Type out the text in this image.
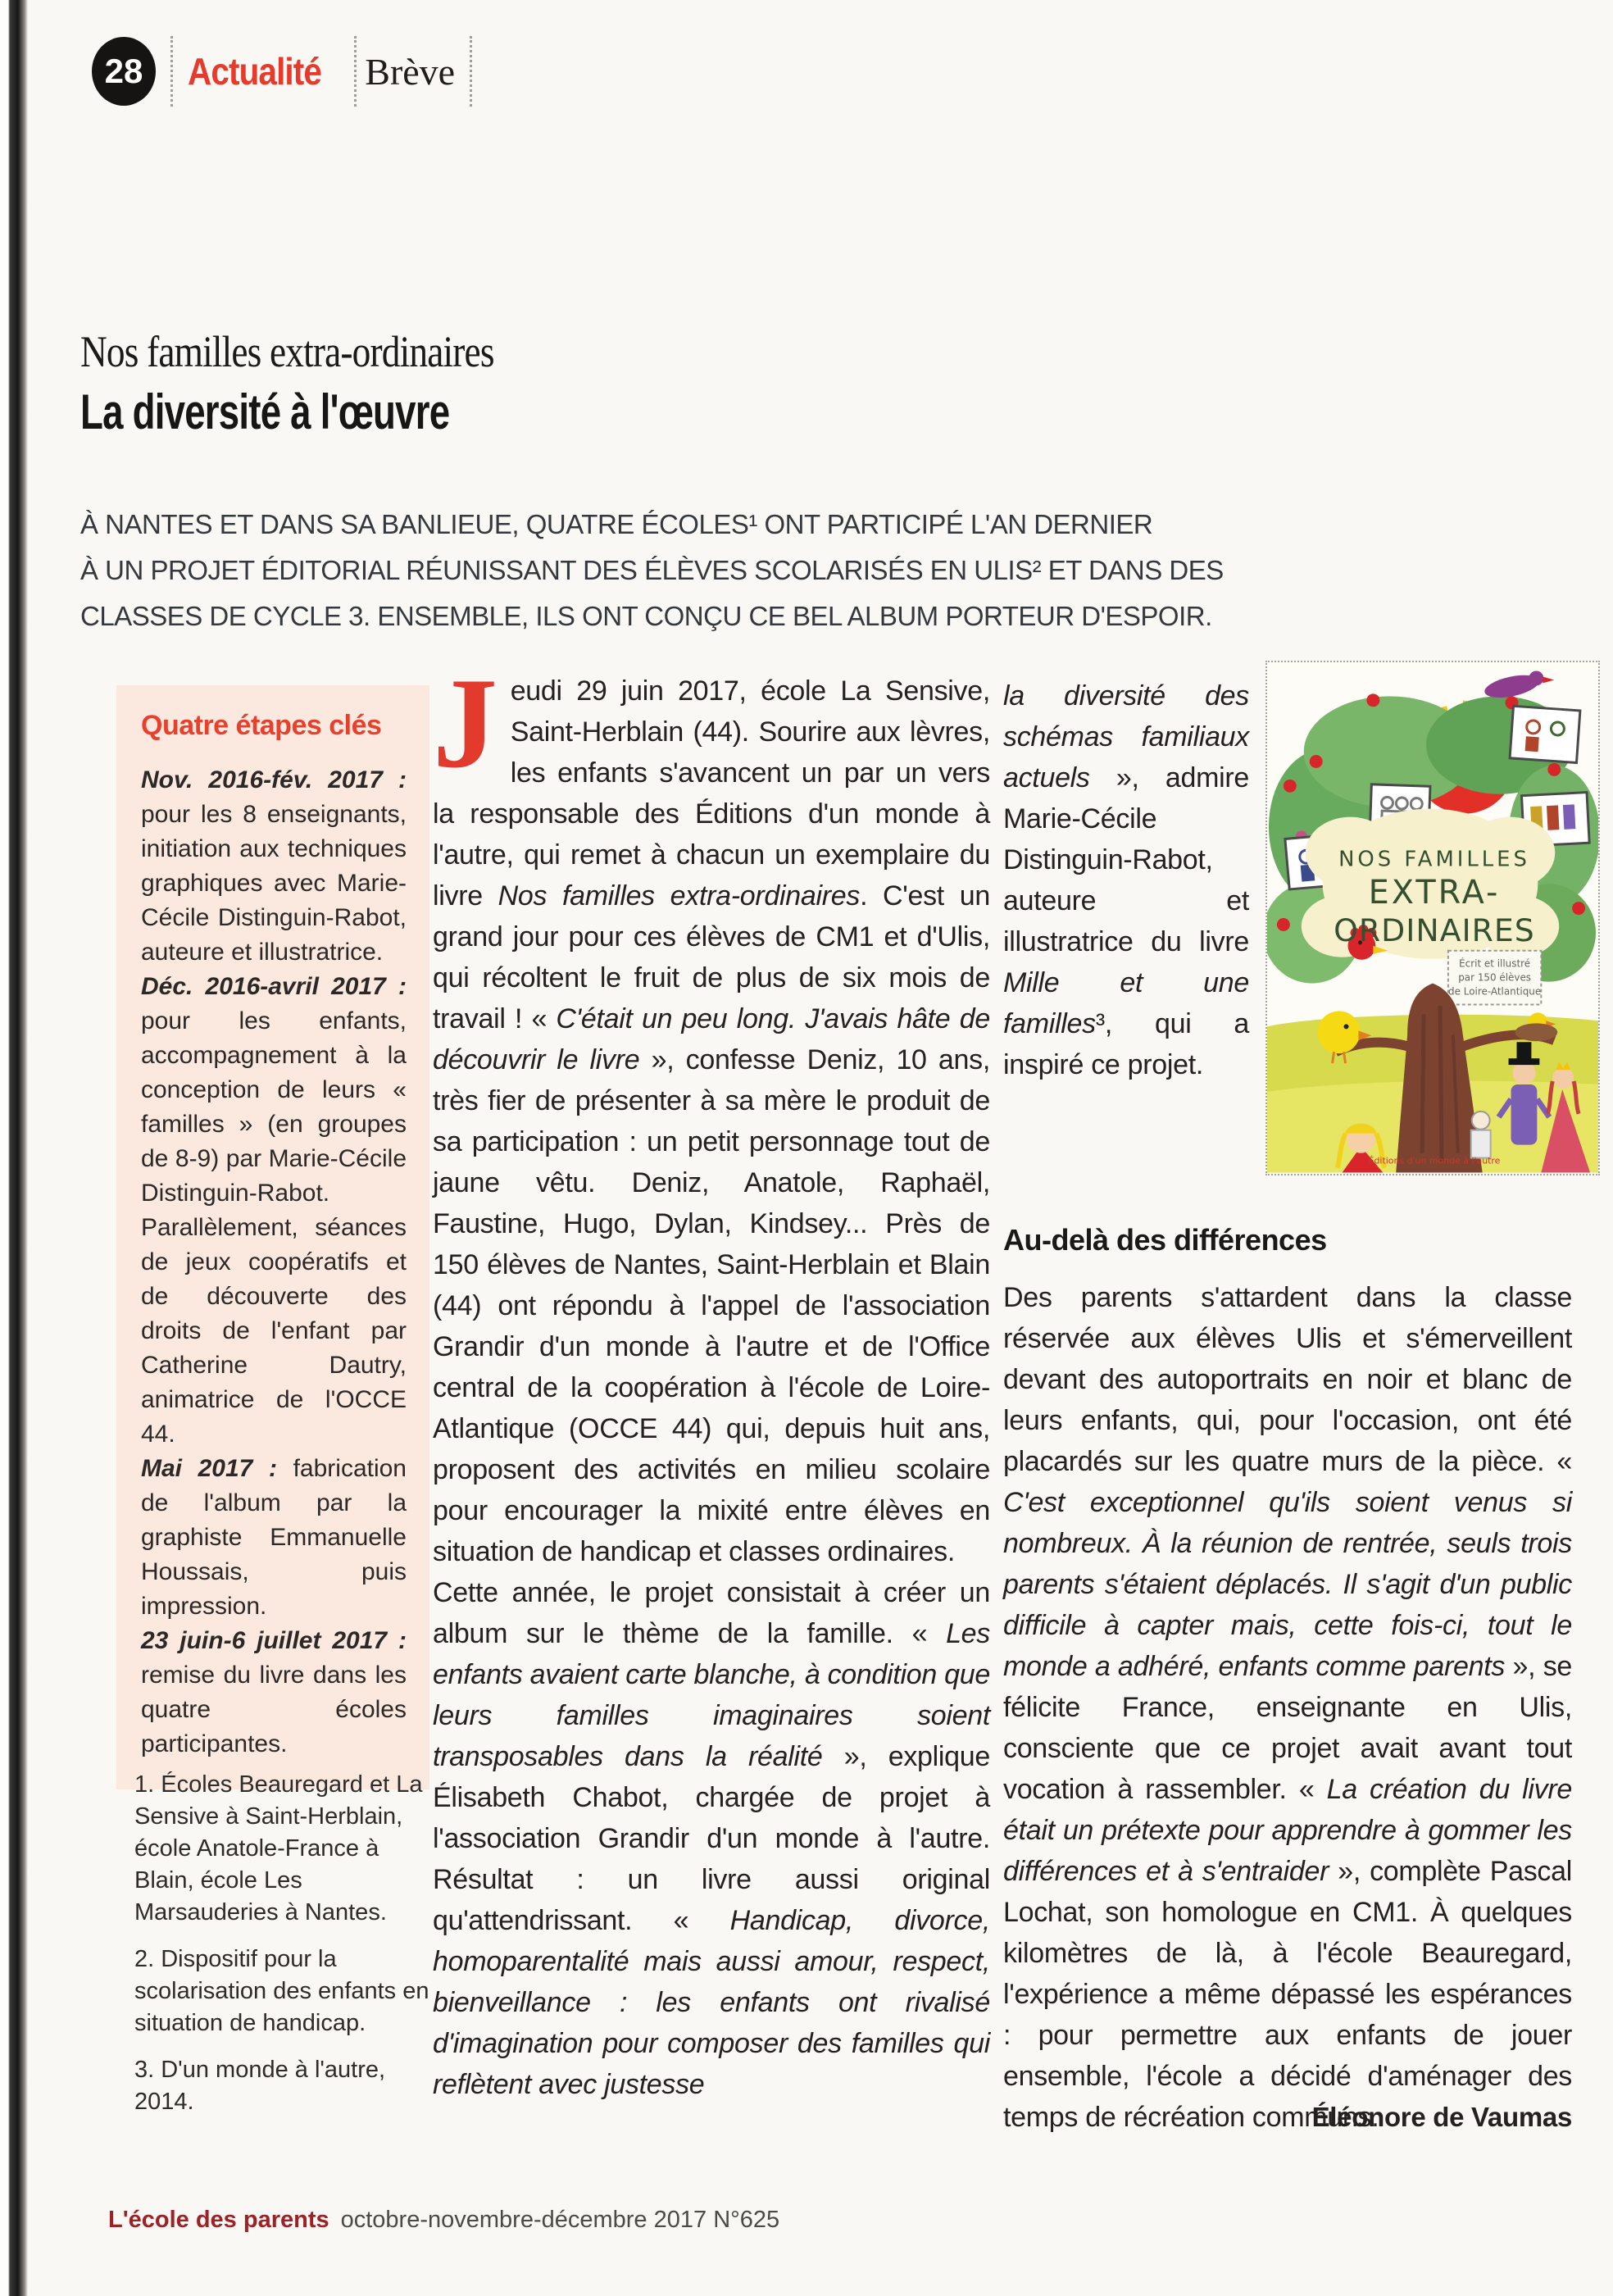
28 Actualité Brève
Nos familles extra-ordinaires
La diversité à l'œuvre
À NANTES ET DANS SA BANLIEUE, QUATRE ÉCOLES¹ ONT PARTICIPÉ L'AN DERNIER
À UN PROJET ÉDITORIAL RÉUNISSANT DES ÉLÈVES SCOLARISÉS EN ULIS² ET DANS DES
CLASSES DE CYCLE 3. ENSEMBLE, ILS ONT CONÇU CE BEL ALBUM PORTEUR D'ESPOIR.
Quatre étapes clés
Nov. 2016-fév. 2017 : pour les 8 enseignants, initiation aux techniques graphiques avec Marie-Cécile Distinguin-Rabot, auteure et illustratrice.
Déc. 2016-avril 2017 : pour les enfants, accompagnement à la conception de leurs « familles » (en groupes de 8-9) par Marie-Cécile Distinguin-Rabot. Parallèlement, séances de jeux coopératifs et de découverte des droits de l'enfant par Catherine Dautry, animatrice de l'OCCE 44.
Mai 2017 : fabrication de l'album par la graphiste Emmanuelle Houssais, puis impression.
23 juin-6 juillet 2017 : remise du livre dans les quatre écoles participantes.

Jeudi 29 juin 2017, école La Sensive, Saint-Herblain (44). Sourire aux lèvres, les enfants s'avancent un par un vers la responsable des Éditions d'un monde à l'autre, qui remet à chacun un exemplaire du livre Nos familles extra-ordinaires. C'est un grand jour pour ces élèves de CM1 et d'Ulis, qui récoltent le fruit de plus de six mois de travail ! « C'était un peu long. J'avais hâte de découvrir le livre », confesse Deniz, 10 ans, très fier de présenter à sa mère le produit de sa participation : un petit personnage tout de jaune vêtu. Deniz, Anatole, Raphaël, Faustine, Hugo, Dylan, Kindsey... Près de 150 élèves de Nantes, Saint-Herblain et Blain (44) ont répondu à l'appel de l'association Grandir d'un monde à l'autre et de l'Office central de la coopération à l'école de Loire-Atlantique (OCCE 44) qui, depuis huit ans, proposent des activités en milieu scolaire pour encourager la mixité entre élèves en situation de handicap et classes ordinaires.

Cette année, le projet consistait à créer un album sur le thème de la famille. « Les enfants avaient carte blanche, à condition que leurs familles imaginaires soient transposables dans la réalité », explique Élisabeth Chabot, chargée de projet à l'association Grandir d'un monde à l'autre. Résultat : un livre aussi original qu'attendrissant. « Handicap, divorce, homoparentalité mais aussi amour, respect, bienveillance : les enfants ont rivalisé d'imagination pour composer des familles qui reflètent avec justesse

la diversité des schémas familiaux actuels », admire Marie-Cécile Distinguin-Rabot, auteure et illustratrice du livre Mille et une familles³, qui a inspiré ce projet.
NOS FAMILLES
EXTRA-
ORDINAIRES
Écrit et illustré
par 150 élèves
de Loire-Atlantique
Éditions d'un monde à l'autre
Au-delà des différences

Des parents s'attardent dans la classe réservée aux élèves Ulis et s'émerveillent devant des autoportraits en noir et blanc de leurs enfants, qui, pour l'occasion, ont été placardés sur les quatre murs de la pièce. « C'est exceptionnel qu'ils soient venus si nombreux. À la réunion de rentrée, seuls trois parents s'étaient déplacés. Il s'agit d'un public difficile à capter mais, cette fois-ci, tout le monde a adhéré, enfants comme parents », se félicite France, enseignante en Ulis, consciente que ce projet avait avant tout vocation à rassembler. « La création du livre était un prétexte pour apprendre à gommer les différences et à s'entraider », complète Pascal Lochat, son homologue en CM1. À quelques kilomètres de là, à l'école Beauregard, l'expérience a même dépassé les espérances : pour permettre aux enfants de jouer ensemble, l'école a décidé d'aménager des temps de récréation communs.

Éléonore de Vaumas

1. Écoles Beauregard et La Sensive à Saint-Herblain, école Anatole-France à Blain, école Les Marsauderies à Nantes.

2. Dispositif pour la scolarisation des enfants en situation de handicap.

3. D'un monde à l'autre, 2014.

L'école des parents octobre-novembre-décembre 2017 N°625
